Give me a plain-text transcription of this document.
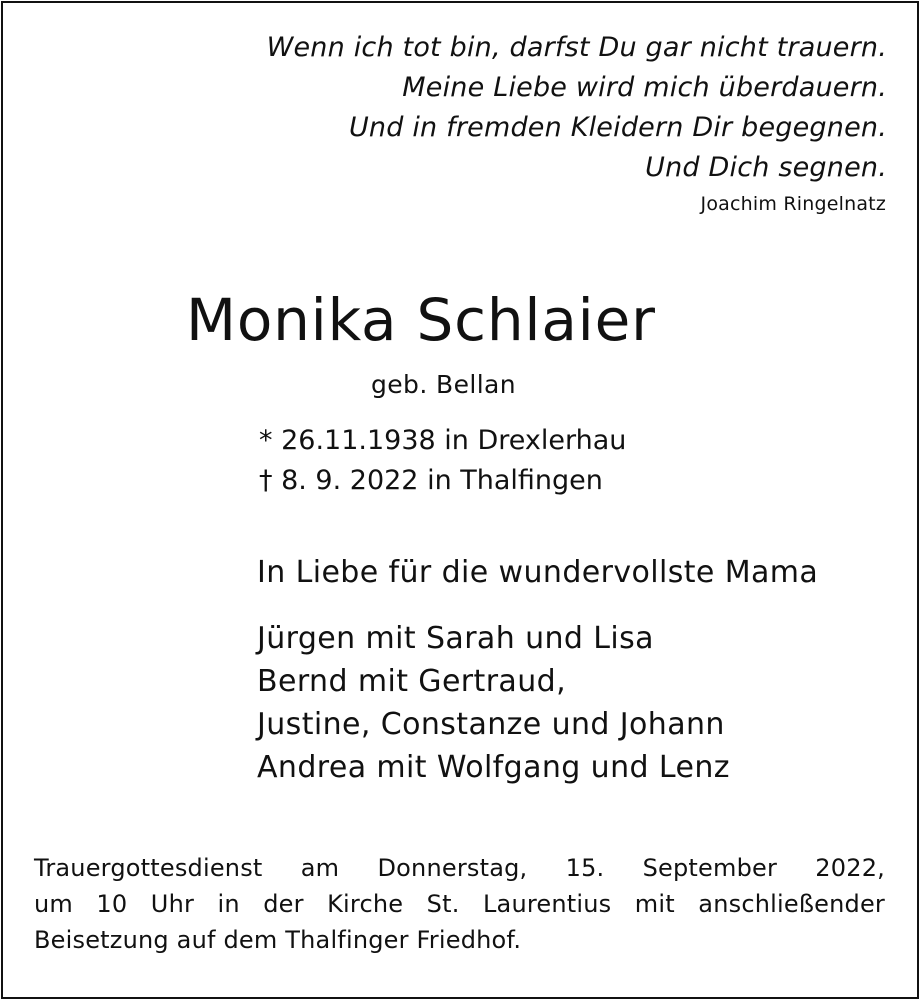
Wenn ich tot bin, darfst Du gar nicht trauern.
Meine Liebe wird mich überdauern.
Und in fremden Kleidern Dir begegnen.
Und Dich segnen.
Joachim Ringelnatz
Monika Schlaier
geb. Bellan
* 26.11.1938 in Drexlerhau
† 8. 9. 2022 in Thalfingen
In Liebe für die wundervollste Mama
Jürgen mit Sarah und Lisa
Bernd mit Gertraud,
Justine, Constanze und Johann
Andrea mit Wolfgang und Lenz
Trauergottesdienst am Donnerstag, 15. September 2022,
um 10 Uhr in der Kirche St. Laurentius mit anschließender
Beisetzung auf dem Thalfinger Friedhof.
